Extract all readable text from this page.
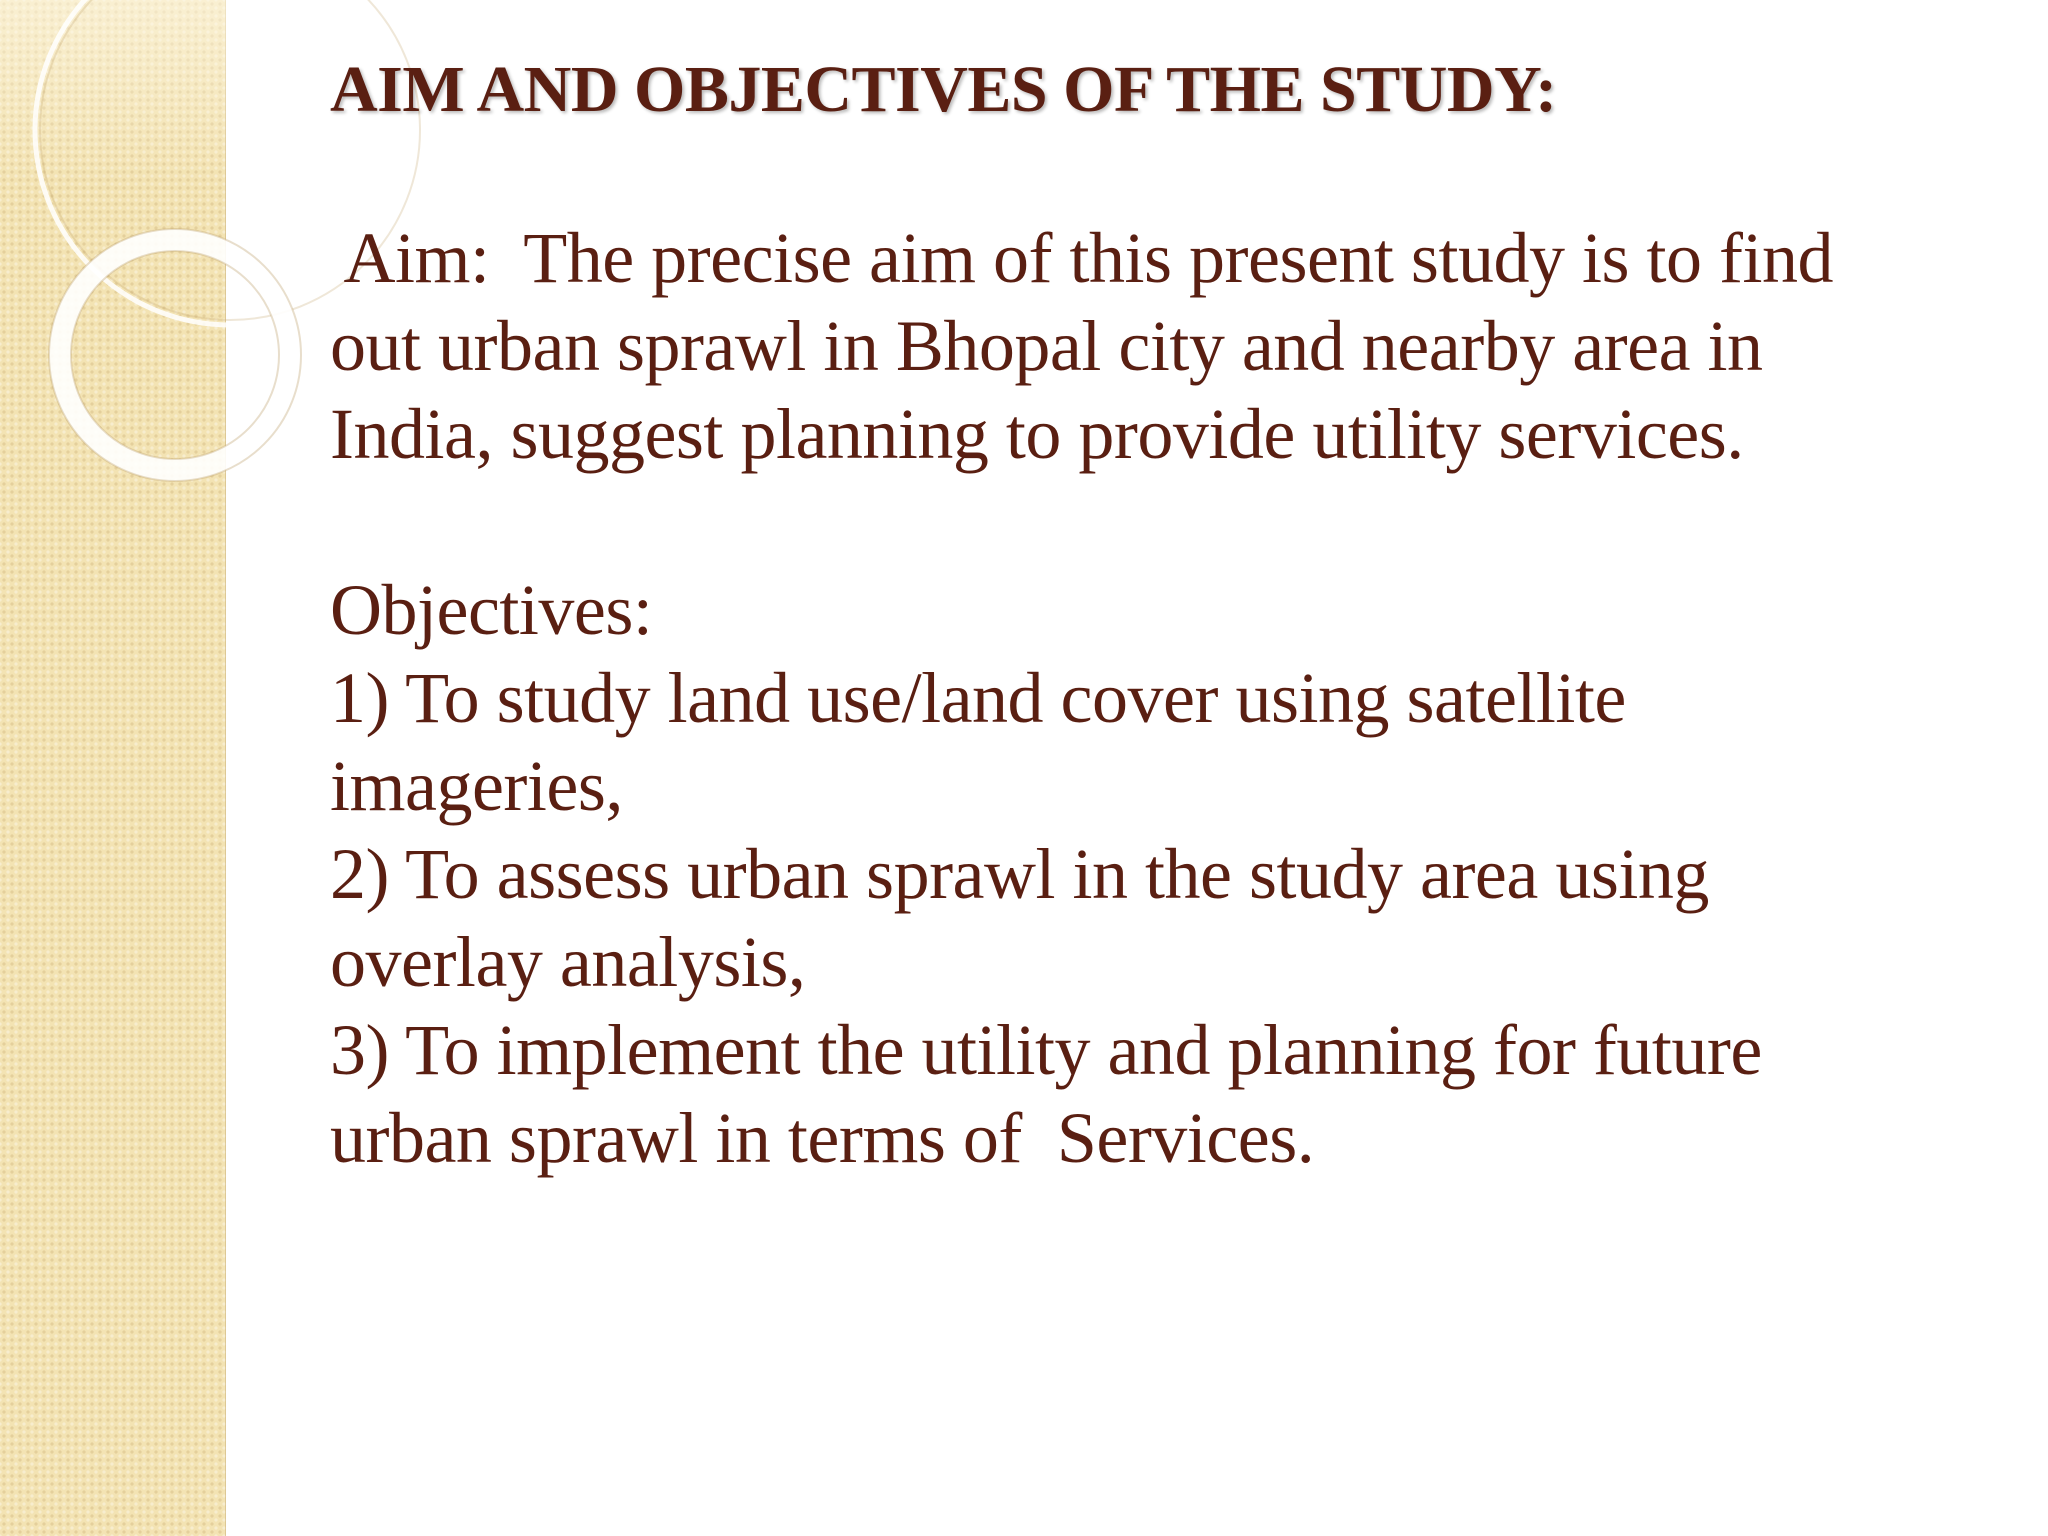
AIM AND OBJECTIVES OF THE STUDY:

Aim:  The precise aim of this present study is to find
out urban sprawl in Bhopal city and nearby area in
India, suggest planning to provide utility services.

Objectives:

1) To study land use/land cover using satellite
imageries,
2) To assess urban sprawl in the study area using
overlay analysis,
3) To implement the utility and planning for future
urban sprawl in terms of  Services.
